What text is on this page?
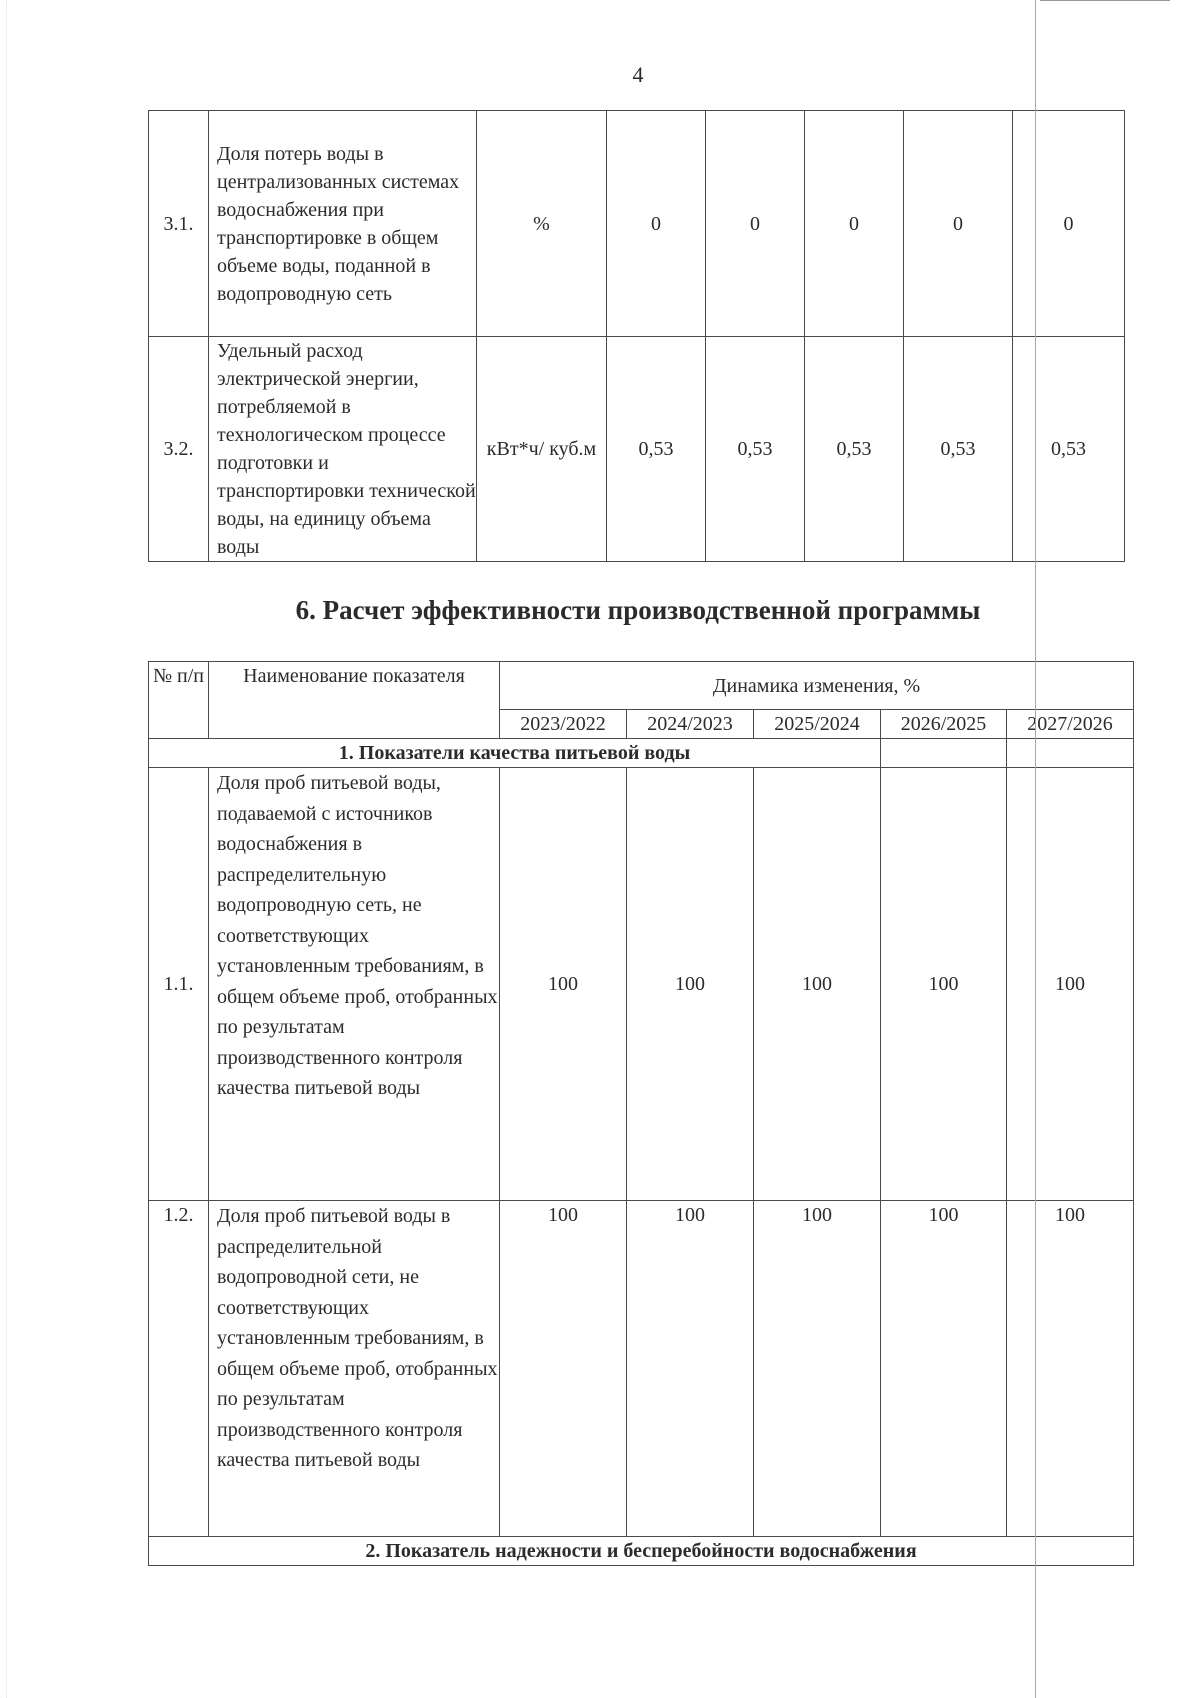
4
3.1.	Доля потерь воды в централизованных системах водоснабжения при транспортировке в общем объеме воды, поданной в водопроводную сеть	%	0	0	0	0	0
3.2.	Удельный расход электрической энергии, потребляемой в технологическом процессе подготовки и транспортировки технической воды, на единицу объема воды	кВт*ч/ куб.м	0,53	0,53	0,53	0,53	0,53
6. Расчет эффективности производственной программы
№ п/п	Наименование показателя	Динамика изменения, %				
		2023/2022	2024/2023	2025/2024	2026/2025	2027/2026
1. Показатели качества питьевой воды						
1.1.	Доля проб питьевой воды, подаваемой с источников водоснабжения в распределительную водопроводную сеть, не соответствующих установленным требованиям, в общем объеме проб, отобранных по результатам производственного контроля качества питьевой воды	100	100	100	100	100
1.2.	Доля проб питьевой воды в распределительной водопроводной сети, не соответствующих установленным требованиям, в общем объеме проб, отобранных по результатам производственного контроля качества питьевой воды	100	100	100	100	100
2. Показатель надежности и бесперебойности водоснабжения						
